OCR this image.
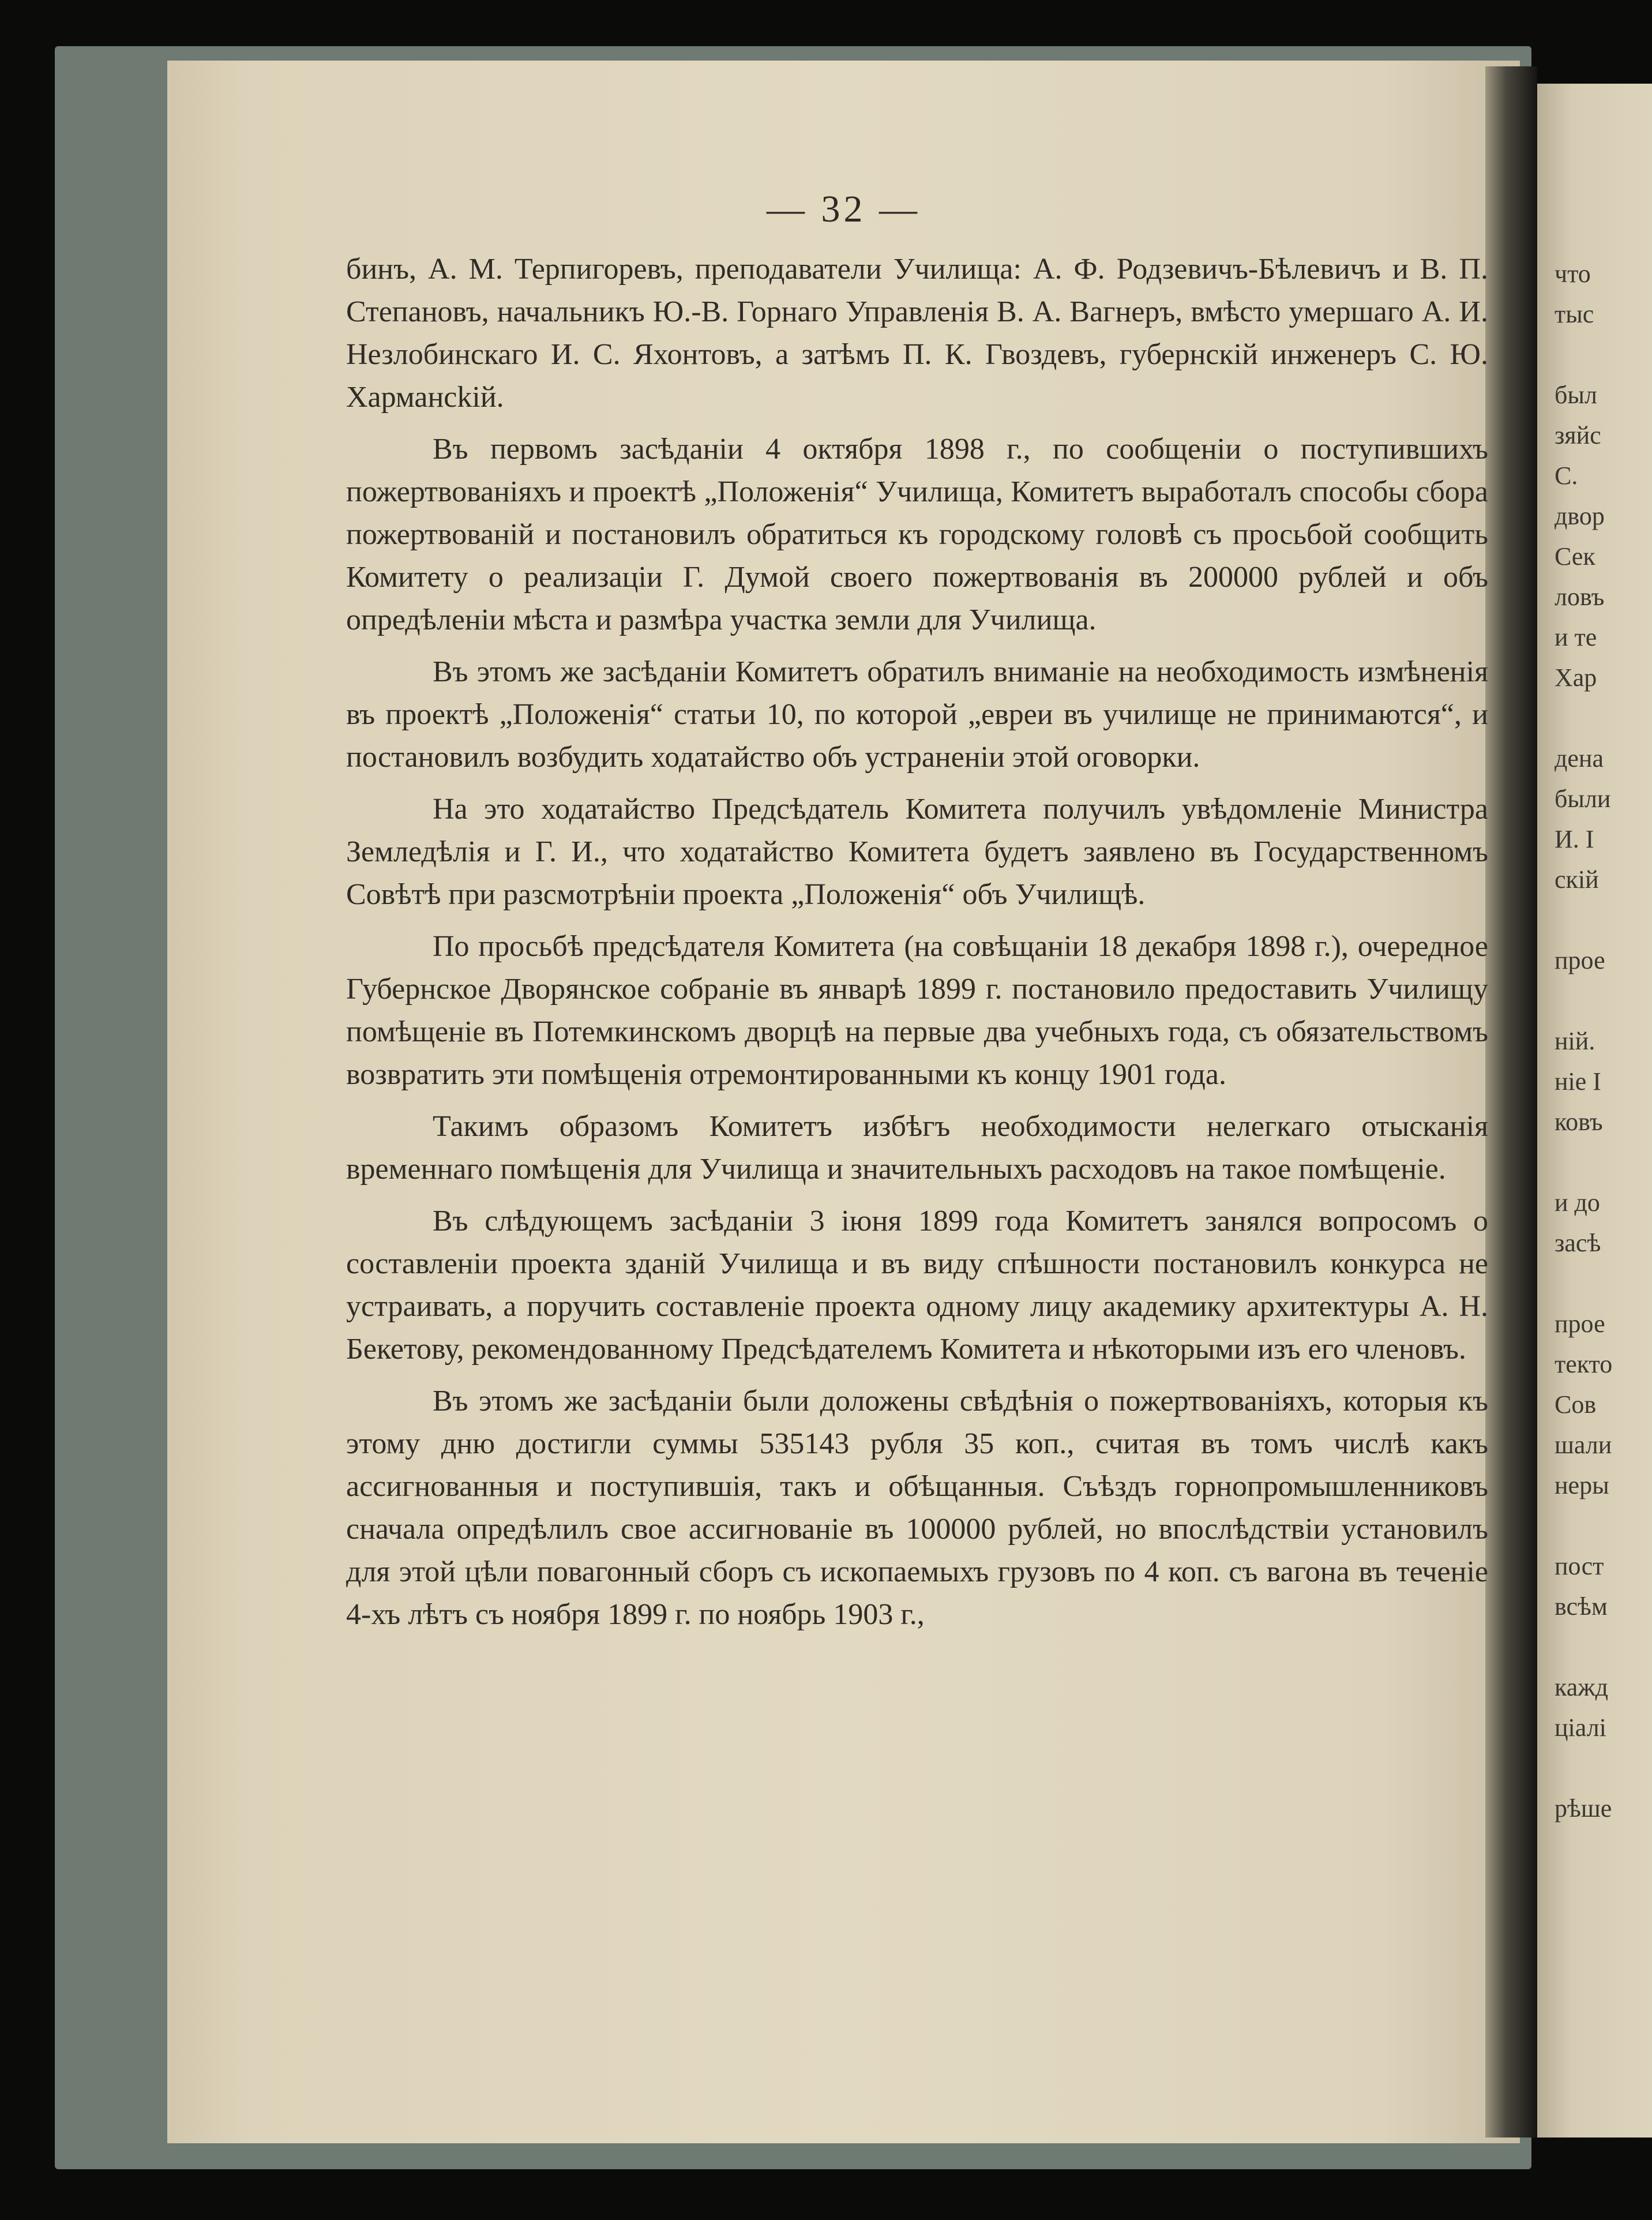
что
тыс

был
зяйс
С.
двор
Сек
ловъ
и те
Хар

дена
были
И. І
скій

прое

ній.
ніе І
ковъ

и до
засѣ

прое
текто
Сов
шали
неры

пост
всѣм

кажд
ціалі

рѣше
— 32 —

бинъ, А. М. Терпигоревъ, преподаватели Училища: А. Ф. Родзевичъ-Бѣлевичъ и В. П. Степановъ, начальникъ Ю.-В. Горнаго Управленія В. А. Вагнеръ, вмѣсто умершаго А. И. Незлобинскаго И. С. Яхонтовъ, а затѣмъ П. К. Гвоздевъ, губернскій инженеръ С. Ю. Хармансkій.

Въ первомъ засѣданіи 4 октября 1898 г., по сообщеніи о поступившихъ пожертвованіяхъ и проектѣ „Положенія“ Училища, Комитетъ выработалъ способы сбора пожертвованій и постановилъ обратиться къ городскому головѣ съ просьбой сообщить Комитету о реализаціи Г. Думой своего пожертвованія въ 200000 рублей и объ опредѣленіи мѣста и размѣра участка земли для Училища.

Въ этомъ же засѣданіи Комитетъ обратилъ вниманіе на необходимость измѣненія въ проектѣ „Положенія“ статьи 10, по которой „евреи въ училище не принимаются“, и постановилъ возбудить ходатайство объ устраненіи этой оговорки.

На это ходатайство Предсѣдатель Комитета получилъ увѣдомленіе Министра Земледѣлія и Г. И., что ходатайство Комитета будетъ заявлено въ Государственномъ Совѣтѣ при разсмотрѣніи проекта „Положенія“ объ Училищѣ.

По просьбѣ предсѣдателя Комитета (на совѣщаніи 18 декабря 1898 г.), очередное Губернское Дворянское собраніе въ январѣ 1899 г. постановило предоставить Училищу помѣщеніе въ Потемкинскомъ дворцѣ на первые два учебныхъ года, съ обязательствомъ возвратить эти помѣщенія отремонтированными къ концу 1901 года.

Такимъ образомъ Комитетъ избѣгъ необходимости нелегкаго отысканія временнаго помѣщенія для Училища и значительныхъ расходовъ на такое помѣщеніе.

Въ слѣдующемъ засѣданіи 3 іюня 1899 года Комитетъ занялся вопросомъ о составленіи проекта зданій Училища и въ виду спѣшности постановилъ конкурса не устраивать, а поручить составленіе проекта одному лицу академику архитектуры А. Н. Бекетову, рекомендованному Предсѣдателемъ Комитета и нѣкоторыми изъ его членовъ.

Въ этомъ же засѣданіи были доложены свѣдѣнія о пожертвованіяхъ, которыя къ этому дню достигли суммы 535143 рубля 35 коп., считая въ томъ числѣ какъ ассигнованныя и поступившія, такъ и обѣщанныя. Съѣздъ горнопромышленниковъ сначала опредѣлилъ свое ассигнованіе въ 100000 рублей, но впослѣдствіи установилъ для этой цѣли повагонный сборъ съ ископаемыхъ грузовъ по 4 коп. съ вагона въ теченіе 4-хъ лѣтъ съ ноября 1899 г. по ноябрь 1903 г.,
